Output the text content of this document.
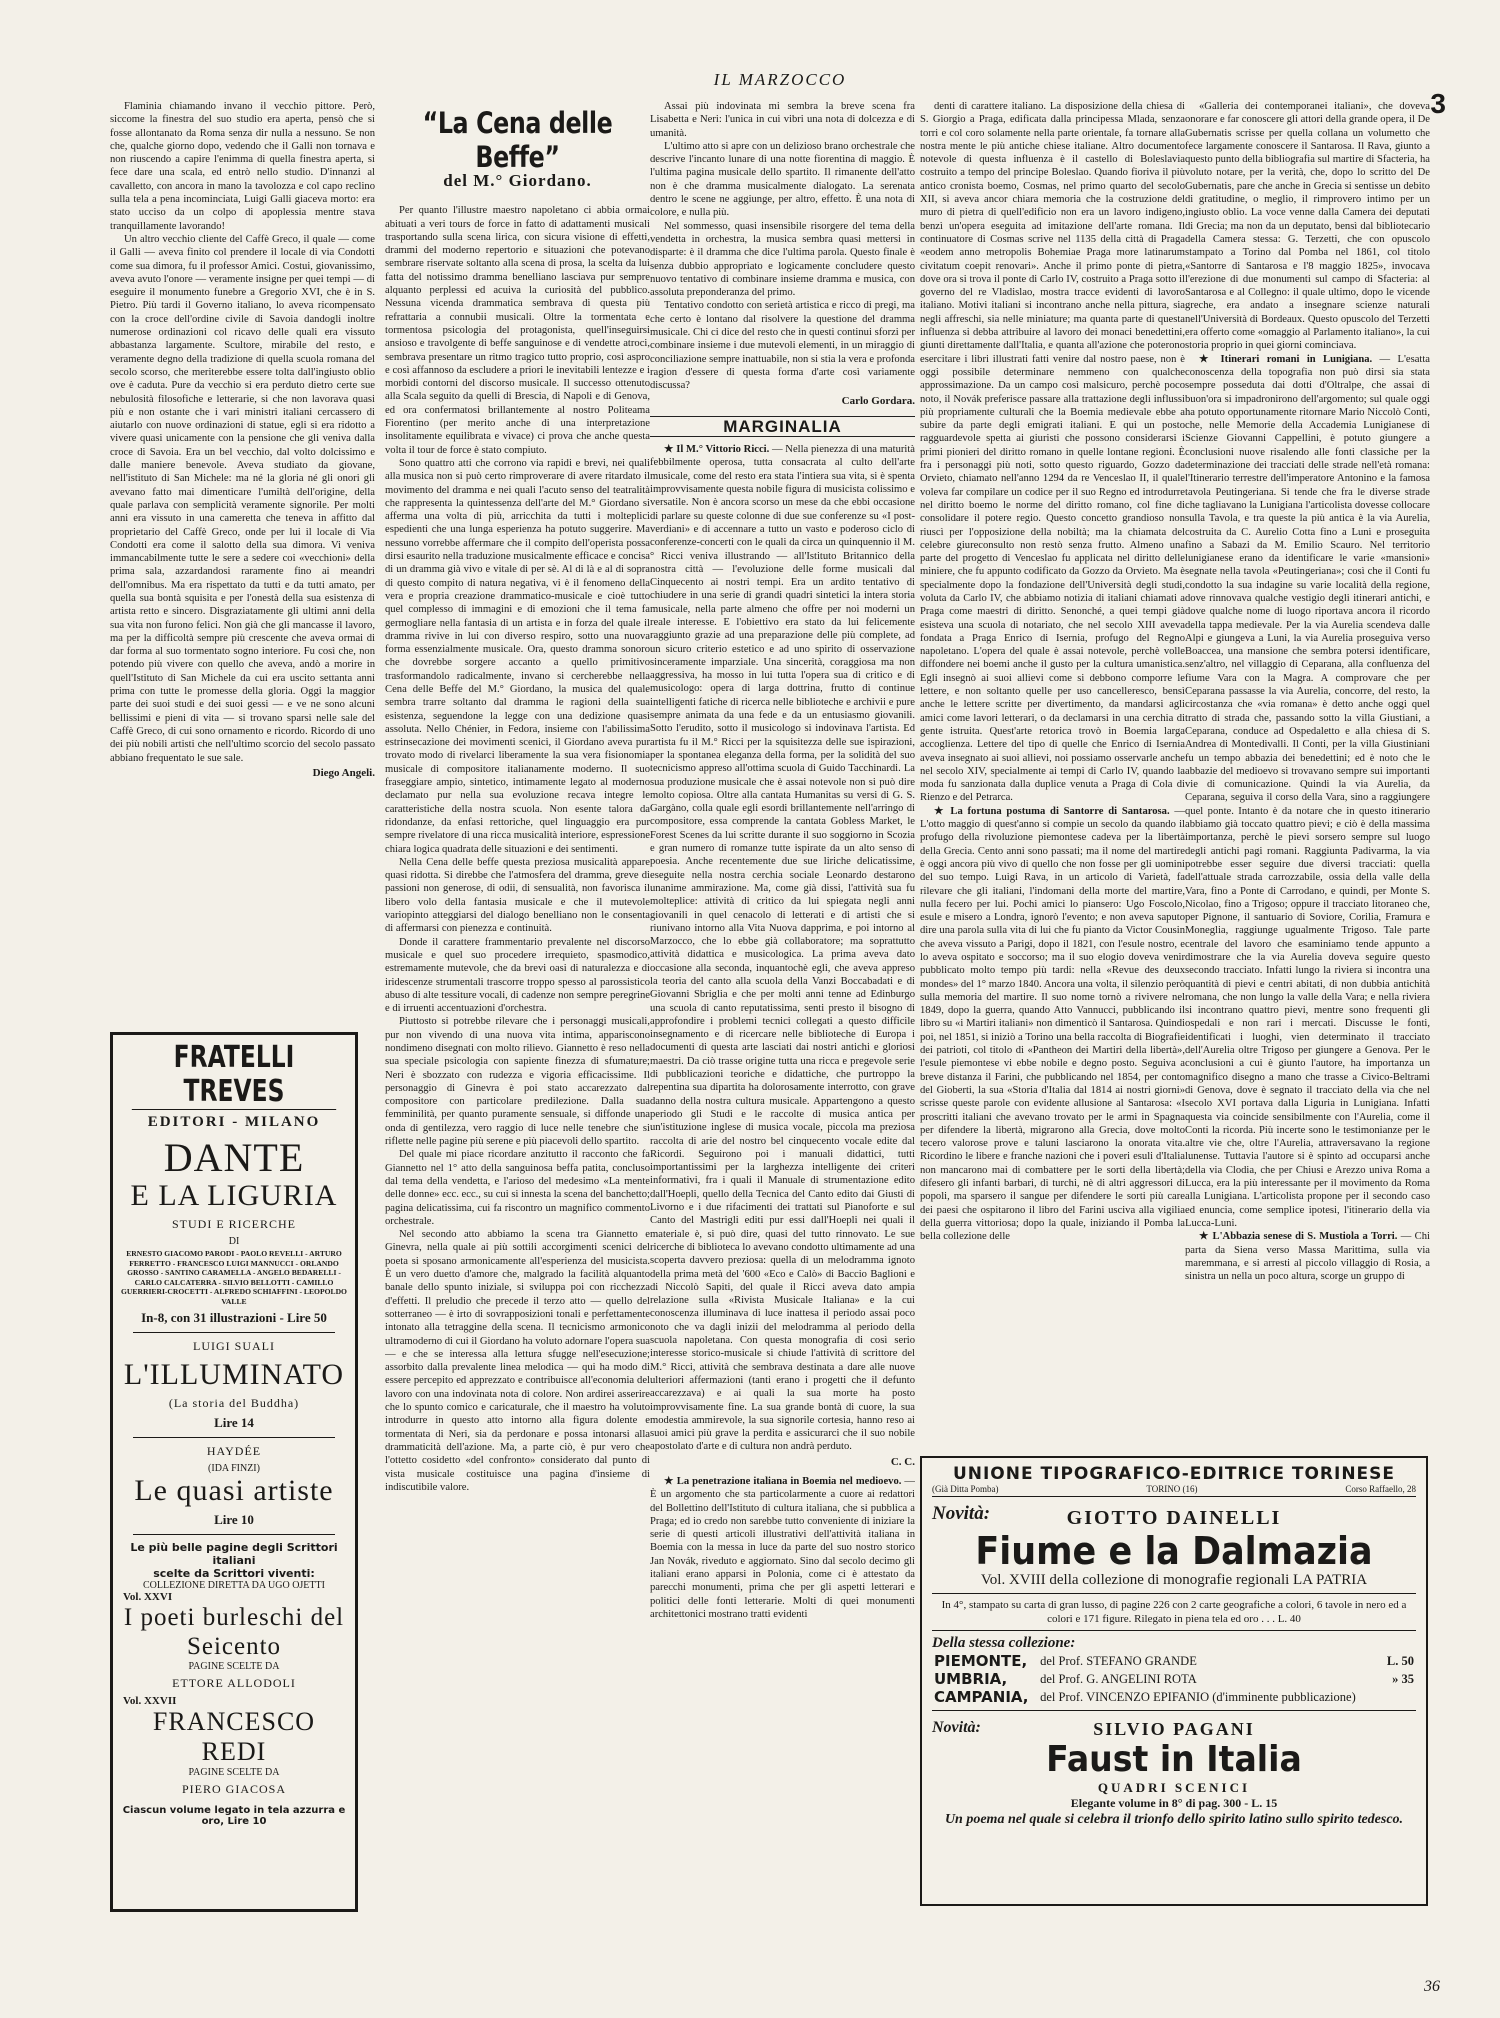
IL MARZOCCO
3

Flaminia chiamando invano il vecchio pittore. Però, siccome la finestra del suo studio era aperta, pensò che si fosse allontanato da Roma senza dir nulla a nessuno. Se non che, qualche giorno dopo, vedendo che il Galli non tornava e non riuscendo a capire l'enimma di quella finestra aperta, si fece dare una scala, ed entrò nello studio. D'innanzi al cavalletto, con ancora in mano la tavolozza e col capo reclino sulla tela a pena incominciata, Luigi Galli giaceva morto: era stato ucciso da un colpo di apoplessia mentre stava tranquillamente lavorando!

Un altro vecchio cliente del Caffè Greco, il quale — come il Galli — aveva finito col prendere il locale di via Condotti come sua dimora, fu il professor Amici. Costui, giovanissimo, aveva avuto l'onore — veramente insigne per quei tempi — di eseguire il monumento funebre a Gregorio XVI, che è in S. Pietro. Più tardi il Governo italiano, lo aveva ricompensato con la croce dell'ordine civile di Savoia dandogli inoltre numerose ordinazioni col ricavo delle quali era vissuto abbastanza largamente. Scultore, mirabile del resto, e veramente degno della tradizione di quella scuola romana del secolo scorso, che meriterebbe essere tolta dall'ingiusto oblio ove è caduta. Pure da vecchio si era perduto dietro certe sue nebulosità filosofiche e letterarie, si che non lavorava quasi più e non ostante che i vari ministri italiani cercassero di aiutarlo con nuove ordinazioni di statue, egli si era ridotto a vivere quasi unicamente con la pensione che gli veniva dalla croce di Savoia. Era un bel vecchio, dal volto dolcissimo e dalle maniere benevole. Aveva studiato da giovane, nell'istituto di San Michele: ma né la gloria né gli onori gli avevano fatto mai dimenticare l'umiltà dell'origine, della quale parlava con semplicità veramente signorile. Per molti anni era vissuto in una cameretta che teneva in affitto dal proprietario del Caffè Greco, onde per lui il locale di Via Condotti era come il salotto della sua dimora. Vi veniva immancabilmente tutte le sere a sedere coi «vecchioni» della prima sala, azzardandosi raramente fino ai meandri dell'omnibus. Ma era rispettato da tutti e da tutti amato, per quella sua bontà squisita e per l'onestà della sua esistenza di artista retto e sincero. Disgraziatamente gli ultimi anni della sua vita non furono felici. Non già che gli mancasse il lavoro, ma per la difficoltà sempre più crescente che aveva ormai di dar forma al suo tormentato sogno interiore. Fu così che, non potendo più vivere con quello che aveva, andò a morire in quell'Istituto di San Michele da cui era uscito settanta anni prima con tutte le promesse della gloria. Oggi la maggior parte dei suoi studi e dei suoi gessi — e ve ne sono alcuni bellissimi e pieni di vita — si trovano sparsi nelle sale del Caffè Greco, di cui sono ornamento e ricordo. Ricordo di uno dei più nobili artisti che nell'ultimo scorcio del secolo passato abbiano frequentato le sue sale.

Diego Angeli.
FRATELLI TREVES
EDITORI - MILANO
DANTE
E LA LIGURIA
STUDI E RICERCHE
DI
ERNESTO GIACOMO PARODI - PAOLO REVELLI - ARTURO FERRETTO - FRANCESCO LUIGI MANNUCCI - ORLANDO GROSSO - SANTINO CARAMELLA - ANGELO BEDARELLI - CARLO CALCATERRA - SILVIO BELLOTTI - CAMILLO GUERRIERI-CROCETTI - ALFREDO SCHIAFFINI - LEOPOLDO VALLE
In-8, con 31 illustrazioni - Lire 50
LUIGI SUALI
L'ILLUMINATO
(La storia del Buddha)
Lire 14
HAYDÉE
(IDA FINZI)
Le quasi artiste
Lire 10
Le più belle pagine degli Scrittori italiani
scelte da Scrittori viventi:
COLLEZIONE DIRETTA DA UGO OJETTI
Vol. XXVI
I poeti burleschi del Seicento
PAGINE SCELTE DA
ETTORE ALLODOLI
Vol. XXVII
FRANCESCO REDI
PAGINE SCELTE DA
PIERO GIACOSA
Ciascun volume legato in tela azzurra e oro, Lire 10
“La Cena delle Beffe”
del M.° Giordano.

Per quanto l'illustre maestro napoletano ci abbia ormai abituati a veri tours de force in fatto di adattamenti musicali trasportando sulla scena lirica, con sicura visione di effetti, drammi del moderno repertorio e situazioni che potevano sembrare riservate soltanto alla scena di prosa, la scelta da lui fatta del notissimo dramma benelliano lasciava pur sempre alquanto perplessi ed acuiva la curiosità del pubblico. Nessuna vicenda drammatica sembrava di questa più refrattaria a connubii musicali. Oltre la tormentata e tormentosa psicologia del protagonista, quell'inseguirsi ansioso e travolgente di beffe sanguinose e di vendette atroci, sembrava presentare un ritmo tragico tutto proprio, così aspro e così affannoso da escludere a priori le inevitabili lentezze e i morbidi contorni del discorso musicale. Il successo ottenuto alla Scala seguito da quelli di Brescia, di Napoli e di Genova, ed ora confermatosi brillantemente al nostro Politeama Fiorentino (per merito anche di una interpretazione insolitamente equilibrata e vivace) ci prova che anche questa volta il tour de force è stato compiuto.

Sono quattro atti che corrono via rapidi e brevi, nei quali alla musica non si può certo rimproverare di avere ritardato il movimento del dramma e nei quali l'acuto senso del teatralità che rappresenta la quintessenza dell'arte del M.° Giordano si afferma una volta di più, arricchita da tutti i molteplici espedienti che una lunga esperienza ha potuto suggerire. Ma nessuno vorrebbe affermare che il compito dell'operista possa dirsi esaurito nella traduzione musicalmente efficace e concisa di un dramma già vivo e vitale di per sè. Al di là e al di sopra di questo compito di natura negativa, vi è il fenomeno della vera e propria creazione drammatico-musicale e cioè tutto quel complesso di immagini e di emozioni che il tema fa germogliare nella fantasia di un artista e in forza del quale il dramma rivive in lui con diverso respiro, sotto una nuova forma essenzialmente musicale. Ora, questo dramma sonoro che dovrebbe sorgere accanto a quello primitivo trasformandolo radicalmente, invano si cercherebbe nella Cena delle Beffe del M.° Giordano, la musica del quale sembra trarre soltanto dal dramma le ragioni della sua esistenza, seguendone la legge con una dedizione quasi assoluta. Nello Chénier, in Fedora, insieme con l'abilissima estrinsecazione dei movimenti scenici, il Giordano aveva pur trovato modo di rivelarci liberamente la sua vera fisionomia musicale di compositore italianamente moderno. Il suo fraseggiare ampio, sintetico, intimamente legato al moderno declamato pur nella sua evoluzione recava integre le caratteristiche della nostra scuola. Non esente talora da ridondanze, da enfasi rettoriche, quel linguaggio era pur sempre rivelatore di una ricca musicalità interiore, espressione chiara logica quadrata delle situazioni e dei sentimenti.

Nella Cena delle beffe questa preziosa musicalità appare quasi ridotta. Si direbbe che l'atmosfera del dramma, greve di passioni non generose, di odii, di sensualità, non favorisca il libero volo della fantasia musicale e che il mutevole variopinto atteggiarsi del dialogo benelliano non le consenta di affermarsi con pienezza e continuità.

Donde il carattere frammentario prevalente nel discorso musicale e quel suo procedere irrequieto, spasmodico, estremamente mutevole, che da brevi oasi di naturalezza e di iridescenze strumentali trascorre troppo spesso al parossistico abuso di alte tessiture vocali, di cadenze non sempre peregrine e di irruenti accentuazioni d'orchestra.

Piuttosto si potrebbe rilevare che i personaggi musicali, pur non vivendo di una nuova vita intima, appariscono nondimeno disegnati con molto rilievo. Giannetto è reso nella sua speciale psicologia con sapiente finezza di sfumature; Neri è sbozzato con rudezza e vigoria efficacissime. Il personaggio di Ginevra è poi stato accarezzato dal compositore con particolare predilezione. Dalla sua femminilità, per quanto puramente sensuale, si diffonde una onda di gentilezza, vero raggio di luce nelle tenebre che si riflette nelle pagine più serene e più piacevoli dello spartito.

Del quale mi piace ricordare anzitutto il racconto che fa Giannetto nel 1° atto della sanguinosa beffa patita, concluso dal tema della vendetta, e l'arioso del medesimo «La mente delle donne» ecc. ecc., su cui si innesta la scena del banchetto; pagina delicatissima, cui fa riscontro un magnifico commento orchestrale.

Nel secondo atto abbiamo la scena tra Giannetto e Ginevra, nella quale ai più sottili accorgimenti scenici del poeta si sposano armonicamente all'esperienza del musicista. È un vero duetto d'amore che, malgrado la facilità alquanto banale dello spunto iniziale, si sviluppa poi con ricchezza d'effetti. Il preludio che precede il terzo atto — quello del sotterraneo — è irto di sovrapposizioni tonali e perfettamente intonato alla tetraggine della scena. Il tecnicismo armonico ultramoderno di cui il Giordano ha voluto adornare l'opera sua — e che se interessa alla lettura sfugge nell'esecuzione; assorbito dalla prevalente linea melodica — qui ha modo di essere percepito ed apprezzato e contribuisce all'economia del lavoro con una indovinata nota di colore. Non ardirei asserire che lo spunto comico e caricaturale, che il maestro ha voluto introdurre in questo atto intorno alla figura dolente e tormentata di Neri, sia da perdonare e possa intonarsi alla drammaticità dell'azione. Ma, a parte ciò, è pur vero che l'ottetto cosidetto «del confronto» considerato dal punto di vista musicale costituisce una pagina d'insieme di indiscutibile valore.

Assai più indovinata mi sembra la breve scena fra Lisabetta e Neri: l'unica in cui vibri una nota di dolcezza e di umanità.

L'ultimo atto si apre con un delizioso brano orchestrale che descrive l'incanto lunare di una notte fiorentina di maggio. È l'ultima pagina musicale dello spartito. Il rimanente dell'atto non è che dramma musicalmente dialogato. La serenata dentro le scene ne aggiunge, per altro, effetto. È una nota di colore, e nulla più.

Nel sommesso, quasi insensibile risorgere del tema della vendetta in orchestra, la musica sembra quasi mettersi in disparte: è il dramma che dice l'ultima parola. Questo finale è senza dubbio appropriato e logicamente concludere questo nuovo tentativo di combinare insieme dramma e musica, con assoluta preponderanza del primo.

Tentativo condotto con serietà artistica e ricco di pregi, ma che certo è lontano dal risolvere la questione del dramma musicale. Chi ci dice del resto che in questi continui sforzi per combinare insieme i due mutevoli elementi, in un miraggio di conciliazione sempre inattuabile, non si stia la vera e profonda ragion d'essere di questa forma d'arte così variamente discussa?

Carlo Gordara.
MARGINALIA

★ Il M.° Vittorio Ricci. — Nella pienezza di una maturità febbilmente operosa, tutta consacrata al culto dell'arte musicale, come del resto era stata l'intiera sua vita, si è spenta improvvisamente questa nobile figura di musicista colissimo e versatile. Non è ancora scorso un mese da che ebbi occasione di parlare su queste colonne di due sue conferenze su «I post-verdiani» e di accennare a tutto un vasto e poderoso ciclo di conferenze-concerti con le quali da circa un quinquennio il M.° Ricci veniva illustrando — all'Istituto Britannico della nostra città — l'evoluzione delle forme musicali dal Cinquecento ai nostri tempi. Era un ardito tentativo di chiudere in una serie di grandi quadri sintetici la intera storia musicale, nella parte almeno che offre per noi moderni un reale interesse. E l'obiettivo era stato da lui felicemente raggiunto grazie ad una preparazione delle più complete, ad un sicuro criterio estetico e ad uno spirito di osservazione sinceramente imparziale. Una sincerità, coraggiosa ma non aggressiva, ha mosso in lui tutta l'opera sua di critico e di musicologo: opera di larga dottrina, frutto di continue intelligenti fatiche di ricerca nelle biblioteche e archivii e pure sempre animata da una fede e da un entusiasmo giovanili. Sotto l'erudito, sotto il musicologo si indovinava l'artista. Ed artista fu il M.° Ricci per la squisitezza delle sue ispirazioni, per la spontanea eleganza della forma, per la solidità del suo tecnicismo appreso all'ottima scuola di Guido Tacchinardi. La sua produzione musicale che è assai notevole non si può dire molto copiosa. Oltre alla cantata Humanitas su versi di G. S. Gargàno, colla quale egli esordi brillantemente nell'arringo di compositore, essa comprende la cantata Gobless Market, le Forest Scenes da lui scritte durante il suo soggiorno in Scozia e gran numero di romanze tutte ispirate da un alto senso di poesia. Anche recentemente due sue liriche delicatissime, eseguite nella nostra cerchia sociale Leonardo destarono unanime ammirazione. Ma, come già dissi, l'attività sua fu molteplice: attività di critico da lui spiegata negli anni giovanili in quel cenacolo di letterati e di artisti che si riunivano intorno alla Vita Nuova dapprima, e poi intorno al Marzocco, che lo ebbe già collaboratore; ma soprattutto attività didattica e musicologica. La prima aveva dato occasione alla seconda, inquantochè egli, che aveva appreso la teoria del canto alla scuola della Vanzi Boccabadati e di Giovanni Sbriglia e che per molti anni tenne ad Edinburgo una scuola di canto reputatissima, senti presto il bisogno di approfondire i problemi tecnici collegati a questo difficile insegnamento e di ricercare nelle biblioteche di Europa i documenti di questa arte lasciati dai nostri antichi e gloriosi maestri. Da ciò trasse origine tutta una ricca e pregevole serie di pubblicazioni teoriche e didattiche, che purtroppo la repentina sua dipartita ha dolorosamente interrotto, con grave danno della nostra cultura musicale. Appartengono a questo periodo gli Studi e le raccolte di musica antica per un'istituzione inglese di musica vocale, piccola ma preziosa raccolta di arie del nostro bel cinquecento vocale edite dal Ricordi. Seguirono poi i manuali didattici, tutti importantissimi per la larghezza intelligente dei criteri informativi, fra i quali il Manuale di strumentazione edito dall'Hoepli, quello della Tecnica del Canto edito dai Giusti di Livorno e i due rifacimenti dei trattati sul Pianoforte e sul Canto del Mastrigli editi pur essi dall'Hoepli nei quali il materiale è, si può dire, quasi del tutto rinnovato. Le sue ricerche di biblioteca lo avevano condotto ultimamente ad una scoperta davvero preziosa: quella di un melodramma ignoto della prima metà del '600 «Eco e Calò» di Baccio Baglioni e di Niccolò Sapiti, del quale il Ricci aveva dato ampia relazione sulla «Rivista Musicale Italiana» e la cui conoscenza illuminava di luce inattesa il periodo assai poco noto che va dagli inizii del melodramma al periodo della scuola napoletana. Con questa monografia di così serio interesse storico-musicale si chiude l'attività di scrittore del M.° Ricci, attività che sembrava destinata a dare alle nuove ulteriori affermazioni (tanti erano i progetti che il defunto accarezzava) e ai quali la sua morte ha posto improvvisamente fine. La sua grande bontà di cuore, la sua modestia ammirevole, la sua signorile cortesia, hanno reso ai suoi amici più grave la perdita e assicurarci che il suo nobile apostolato d'arte e di cultura non andrà perduto.

C. C.

★ La penetrazione italiana in Boemia nel medioevo. — È un argomento che sta particolarmente a cuore ai redattori del Bollettino dell'Istituto di cultura italiana, che si pubblica a Praga; ed io credo non sarebbe tutto conveniente di iniziare la serie di questi articoli illustrativi dell'attività italiana in Boemia con la messa in luce da parte del suo nostro storico Jan Novák, riveduto e aggiornato. Sino dal secolo decimo gli italiani erano apparsi in Polonia, come ci è attestato da parecchi monumenti, prima che per gli aspetti letterari e politici delle fonti letterarie. Molti di quei monumenti architettonici mostrano tratti evidenti

denti di carattere italiano. La disposizione della chiesa di S. Giorgio a Praga, edificata dalla principessa Mlada, senza torri e col coro solamente nella parte orientale, fa tornare alla nostra mente le più antiche chiese italiane. Altro documento notevole di questa influenza è il castello di Boleslavia costruito a tempo del principe Boleslao. Quando fioriva il più antico cronista boemo, Cosmas, nel primo quarto del secolo XII, si aveva ancor chiara memoria che la costruzione del muro di pietra di quell'edificio non era un lavoro indigeno, benzì un'opera eseguita ad imitazione dell'arte romana. Il continuatore di Cosmas scrive nel 1135 della città di Praga «eodem anno metropolis Bohemiae Praga more latinarum civitatum coepit renovari». Anche il primo ponte di pietra, dove ora si trova il ponte di Carlo IV, costruito a Praga sotto il governo del re Vladislao, mostra tracce evidenti di lavoro italiano. Motivi italiani si incontrano anche nella pittura, sia negli affreschi, sia nelle miniature; ma quanta parte di questa influenza si debba attribuire al lavoro dei monaci benedettini, giunti direttamente dall'Italia, e quanta all'azione che poterono esercitare i libri illustrati fatti venire dal nostro paese, non è oggi possibile determinare nemmeno con qualche approssimazione. Da un campo così malsicuro, perchè poco noto, il Novák preferisce passare alla trattazione degli influssi più propriamente culturali che la Boemia medievale ebbe a subire da parte degli emigrati italiani. E qui un posto ragguardevole spetta ai giuristi che possono considerarsi i primi pionieri del diritto romano in quelle lontane regioni. È fra i personaggi più noti, sotto questo riguardo, Gozzo da Orvieto, chiamato nell'anno 1294 da re Venceslao II, il quale voleva far compilare un codice per il suo Regno ed introdurre nel diritto boemo le norme del diritto romano, col fine di consolidare il potere regio. Questo concetto grandioso non riuscì per l'opposizione della nobiltà; ma la chiamata del celebre giureconsulto non restò senza frutto. Almeno una parte del progetto di Venceslao fu applicata nel diritto delle miniere, che fu appunto codificato da Gozzo da Orvieto. Ma è specialmente dopo la fondazione dell'Università degli studi, voluta da Carlo IV, che abbiamo notizia di italiani chiamati a Praga come maestri di diritto. Senonché, a quei tempi già esisteva una scuola di notariato, che nel secolo XIII aveva fondata a Praga Enrico di Isernia, profugo del Regno napoletano. L'opera del quale è assai notevole, perchè volle diffondere nei boemi anche il gusto per la cultura umanistica. Egli insegnò ai suoi allievi come si debbono comporre le lettere, e non soltanto quelle per uso cancelleresco, bensì anche le lettere scritte per divertimento, da mandarsi agli amici come lavori letterari, o da declamarsi in una cerchia di gente istruita. Quest'arte retorica trovò in Boemia larga accoglienza. Lettere del tipo di quelle che Enrico di Isernia aveva insegnato ai suoi allievi, noi possiamo osservarle anche nel secolo XIV, specialmente ai tempi di Carlo IV, quando la moda fu sanzionata dalla duplice venuta a Praga di Cola di Rienzo e del Petrarca.

★ La fortuna postuma di Santorre di Santarosa. — L'otto maggio di quest'anno si compie un secolo da quando il profugo della rivoluzione piemontese cadeva per la libertà della Grecia. Cento anni sono passati; ma il nome del martire è oggi ancora più vivo di quello che non fosse per gli uomini del suo tempo. Luigi Rava, in un articolo di Varietà, fa rilevare che gli italiani, l'indomani della morte del martire, nulla fecero per lui. Pochi amici lo piansero: Ugo Foscolo, esule e misero a Londra, ignorò l'evento; e non aveva saputo dire una parola sulla vita di lui che fu pianto da Victor Cousin che aveva vissuto a Parigi, dopo il 1821, con l'esule nostro, e lo aveva ospitato e soccorso; ma il suo elogio doveva venir pubblicato molto tempo più tardi: nella «Revue des deux mondes» del 1° marzo 1840. Ancora una volta, il silenzio però sulla memoria del martire. Il suo nome tornò a rivivere nel 1849, dopo la guerra, quando Atto Vannucci, pubblicando il libro su «i Martiri italiani» non dimenticò il Santarosa. Quindi poi, nel 1851, si iniziò a Torino una bella raccolta di Biografie dei patrioti, col titolo di «Pantheon dei Martiri della libertà», l'esule piemontese vi ebbe nobile e degno posto. Seguiva a breve distanza il Farini, che pubblicando nel 1854, per conto del Gioberti, la sua «Storia d'Italia dal 1814 ai nostri giorni» scrisse queste parole con evidente allusione al Santarosa: «I proscritti italiani che avevano trovato per le armi in Spagna per difendere la libertà, migrarono alla Grecia, dove molto tecero valorose prove e taluni lasciarono la onorata vita. Ricordino le libere e franche nazioni che i poveri esuli d'Italia non mancarono mai di combattere per le sorti della libertà; difesero gli infanti barbari, di turchi, nè di altri aggressori di popoli, ma sparsero il sangue per difendere le sorti più care dei paesi che ospitarono il libro del Farini usciva alla vigilia della guerra vittoriosa; dopo la quale, iniziando il Pomba la bella collezione delle

«Galleria dei contemporanei italiani», che doveva onorare e far conoscere gli attori della grande opera, il De Gubernatis scrisse per quella collana un volumetto che fece largamente conoscere il Santarosa. Il Rava, giunto a questo punto della bibliografia sul martire di Sfacteria, ha voluto notare, per la verità, che, dopo lo scritto del De Gubernatis, pare che anche in Grecia si sentisse un debito di gratitudine, o meglio, il rimprovero intimo per un ingiusto oblio. La voce venne dalla Camera dei deputati di Grecia; ma non da un deputato, bensì dal bibliotecario della Camera stessa: G. Terzetti, che con opuscolo stampato a Torino dal Pomba nel 1861, col titolo «Santorre di Santarosa e l'8 maggio 1825», invocava l'erezione di due monumenti sul campo di Sfacteria: al Santarosa e al Collegno: il quale ultimo, dopo le vicende greche, era andato a insegnare scienze naturali nell'Università di Bordeaux. Questo opuscolo del Terzetti era offerto come «omaggio al Parlamento italiano», la cui storia proprio in quei giorni cominciava.

★ Itinerari romani in Lunigiana. — L'esatta conoscenza della topografia non può dirsi sia stata sempre posseduta dai dotti d'Oltralpe, che assai di buon'ora si impadronirono dell'argomento; sul quale oggi ha potuto opportunamente ritornare Mario Niccolò Conti, che, nelle Memorie della Accademia Lunigianese di Scienze Giovanni Cappellini, è potuto giungere a conclusioni nuove risalendo alle fonti classiche per la determinazione dei tracciati delle strade nell'età romana: l'Itinerario terrestre dell'imperatore Antonino e la famosa tavola Peutingeriana. Si tende che fra le diverse strade che tagliavano la Lunigiana l'articolista dovesse collocare sulla Tavola, e tra queste la più antica è la via Aurelia, costruita da C. Aurelio Cotta fino a Luni e proseguita fino a Sabazi da M. Emilio Scauro. Nel territorio lunigianese erano da identificare le varie «mansioni» segnate nella tavola «Peutingeriana»; così che il Conti fu condotto la sua indagine su varie località della regione, dove rinnovava qualche vestigio degli itinerari antichi, e dove qualche nome di luogo riportava ancora il ricordo della tappa medievale. Per la via Aurelia scendeva dalle Alpi e giungeva a Luni, la via Aurelia proseguiva verso Boaccea, una mansione che sembra potersi identificare, senz'altro, nel villaggio di Ceparana, alla confluenza del fiume Vara con la Magra. A comprovare che per Ceparana passasse la via Aurelia, concorre, del resto, la circostanza che «via romana» è detto anche oggi quel tratto di strada che, passando sotto la villa Giustiani, a Ceparana, conduce ad Ospedaletto e alla chiesa di S. Andrea di Montedivalli. Il Conti, per la villa Giustiniani fu un tempo abbazia dei benedettini; ed è noto che le abbazie del medioevo si trovavano sempre sui importanti vie di comunicazione. Quindi la via Aurelia, da Ceparana, seguiva il corso della Vara, sino a raggiungere quel ponte. Intanto è da notare che in questo itinerario abbiamo già toccato quattro pievi; e ciò è della massima importanza, perchè le pievi sorsero sempre sul luogo degli antichi pagi romani. Raggiunta Padivarma, la via potrebbe esser seguire due diversi tracciati: quella dell'attuale strada carrozzabile, ossia della valle della Vara, fino a Ponte di Carrodano, e quindi, per Monte S. Nicolao, fino a Trigoso; oppure il tracciato litoraneo che, per Pignone, il santuario di Soviore, Corilia, Framura e Moneglia, raggiunge ugualmente Trigoso. Tale parte centrale del lavoro che esaminiamo tende appunto a dimostrare che la via Aurelia doveva seguire questo secondo tracciato. Infatti lungo la riviera si incontra una quantità di pievi e centri abitati, di non dubbia antichità romana, che non lungo la valle della Vara; e nella riviera si incontrano quattro pievi, mentre sono frequenti gli ospedali e non rari i mercati. Discusse le fonti, identificati i luoghi, vien determinato il tracciato dell'Aurelia oltre Trigoso per giungere a Genova. Per le conclusioni a cui è giunto l'autore, ha importanza un magnifico disegno a mano che trasse a Civico-Beltrami di Genova, dove è segnato il tracciato della via che nel secolo XVI portava dalla Liguria in Lunigiana. Infatti questa via coincide sensibilmente con l'Aurelia, come il Conti la ricorda. Più incerte sono le testimonianze per le altre vie che, oltre l'Aurelia, attraversavano la regione lunense. Tuttavia l'autore si è spinto ad occuparsi anche della via Clodia, che per Chiusi e Arezzo univa Roma a Lucca, era la più interessante per il movimento da Roma alla Lunigiana. L'articolista propone per il secondo caso ed enuncia, come semplice ipotesi, l'itinerario della via Lucca-Luni.

★ L'Abbazia senese di S. Mustiola a Torri. — Chi parta da Siena verso Massa Marittima, sulla via maremmana, e si arresti al piccolo villaggio di Rosia, a sinistra un nella un poco altura, scorge un gruppo di

UNIONE TIPOGRAFICO-EDITRICE TORINESE
(Già Ditta Pomba)	TORINO (16)	Corso Raffaello, 28
Novità:	GIOTTO DAINELLI
Fiume e la Dalmazia
Vol. XVIII della collezione di monografie regionali LA PATRIA
In 4°, stampato su carta di gran lusso, di pagine 226 con 2 carte geografiche a colori, 6 tavole in nero ed a colori e 171 figure. Rilegato in piena tela ed oro . . . L. 40
Della stessa collezione:
PIEMONTE,	del Prof. STEFANO GRANDE	L. 50
UMBRIA,	del Prof. G. ANGELINI ROTA	» 35
CAMPANIA,	del Prof. VINCENZO EPIFANIO (d'imminente pubblicazione)	
Novità:	SILVIO PAGANI
Faust in Italia
QUADRI SCENICI
Elegante volume in 8° di pag. 300 - L. 15
Un poema nel quale si celebra il trionfo dello spirito latino sullo spirito tedesco.
36
